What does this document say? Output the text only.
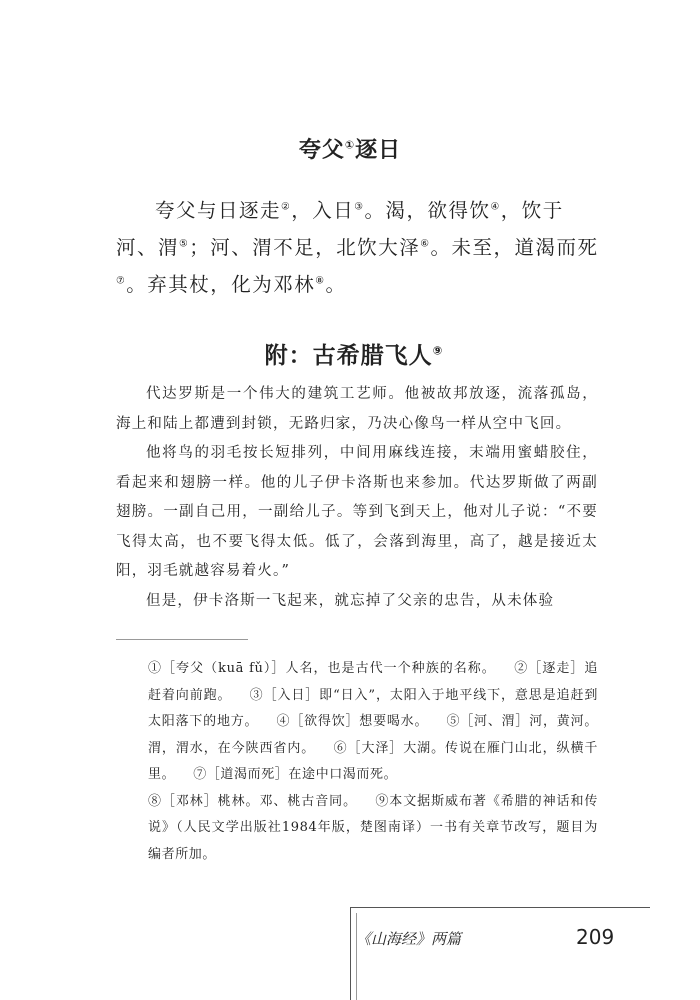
夸父①逐日

夸父与日逐走②，入日③。渴，欲得饮④，饮于河、渭⑤；河、渭不足，北饮大泽⑥。未至，道渴而死⑦。弃其杖，化为邓林⑧。

附：古希腊飞人⑨

代达罗斯是一个伟大的建筑工艺师。他被故邦放逐，流落孤岛，海上和陆上都遭到封锁，无路归家，乃决心像鸟一样从空中飞回。

他将鸟的羽毛按长短排列，中间用麻线连接，末端用蜜蜡胶住，看起来和翅膀一样。他的儿子伊卡洛斯也来参加。代达罗斯做了两副翅膀。一副自己用，一副给儿子。等到飞到天上，他对儿子说：“不要飞得太高，也不要飞得太低。低了，会落到海里，高了，越是接近太阳，羽毛就越容易着火。”

但是，伊卡洛斯一飞起来，就忘掉了父亲的忠告，从未体验

①［夸父（kuā fǔ）］人名，也是古代一个种族的名称。 ②［逐走］追赶着向前跑。 ③［入日］即“日入”，太阳入于地平线下，意思是追赶到太阳落下的地方。 ④［欲得饮］想要喝水。 ⑤［河、渭］河，黄河。渭，渭水，在今陕西省内。 ⑥［大泽］大湖。传说在雁门山北，纵横千里。 ⑦［道渴而死］在途中口渴而死。
⑧［邓林］桃林。邓、桃古音同。 ⑨本文据斯威布著《希腊的神话和传说》（人民文学出版社1984年版，楚图南译）一书有关章节改写，题目为编者所加。
《山海经》两篇	209
